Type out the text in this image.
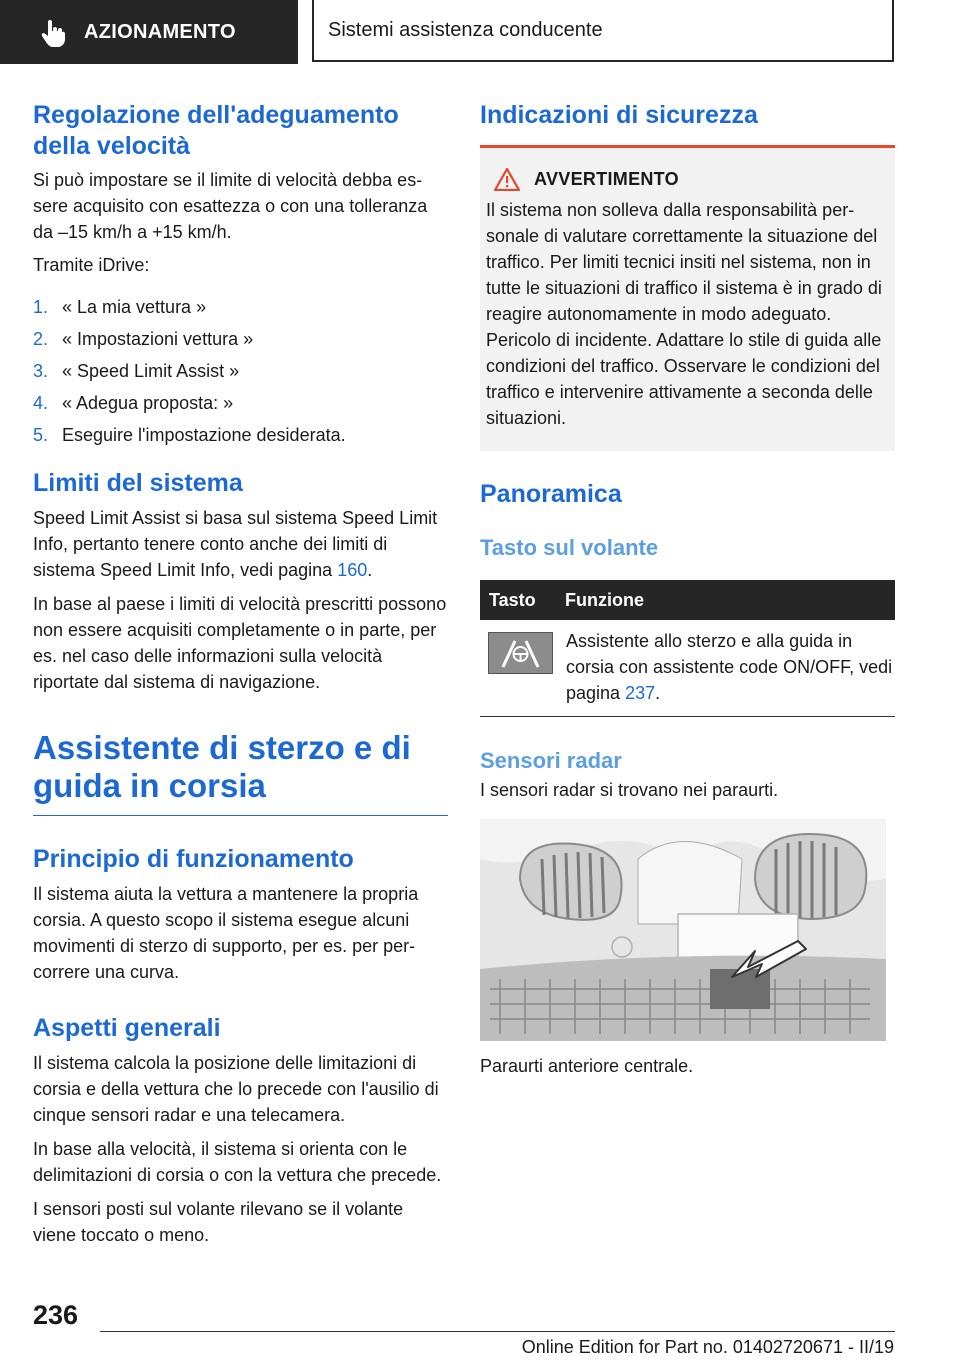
AZIONAMENTO	Sistemi assistenza conducente
Regolazione dell'adeguamento della velocità

Si può impostare se il limite di velocità debba essere acquisito con esattezza o con una tolleranza da –15 km/h a +15 km/h.

Tramite iDrive:

1. « La mia vettura »
2. « Impostazioni vettura »
3. « Speed Limit Assist »
4. « Adegua proposta: »
5. Eseguire l'impostazione desiderata.
Limiti del sistema

Speed Limit Assist si basa sul sistema Speed Limit Info, pertanto tenere conto anche dei limiti di sistema Speed Limit Info, vedi pagina 160.

In base al paese i limiti di velocità prescritti possono non essere acquisiti completamente o in parte, per es. nel caso delle informazioni sulla velocità riportate dal sistema di navigazione.

Assistente di sterzo e di guida in corsia
Principio di funzionamento

Il sistema aiuta la vettura a mantenere la propria corsia. A questo scopo il sistema esegue alcuni movimenti di sterzo di supporto, per es. per percorrere una curva.

Aspetti generali

Il sistema calcola la posizione delle limitazioni di corsia e della vettura che lo precede con l'ausilio di cinque sensori radar e una telecamera.

In base alla velocità, il sistema si orienta con le delimitazioni di corsia o con la vettura che precede.

I sensori posti sul volante rilevano se il volante viene toccato o meno.

Indicazioni di sicurezza
AVVERTIMENTO

Il sistema non solleva dalla responsabilità personale di valutare correttamente la situazione del traffico. Per limiti tecnici insiti nel sistema, non in tutte le situazioni di traffico il sistema è in grado di reagire autonomamente in modo adeguato. Pericolo di incidente. Adattare lo stile di guida alle condizioni del traffico. Osservare le condizioni del traffico e intervenire attivamente a seconda delle situazioni.

Panoramica
Tasto sul volante
Tasto	Funzione

	Assistente allo sterzo e alla guida in corsia con assistente code ON/OFF, vedi pagina 237.
Sensori radar

I sensori radar si trovano nei paraurti.

Paraurti anteriore centrale.

236
Online Edition for Part no. 01402720671 - II/19
